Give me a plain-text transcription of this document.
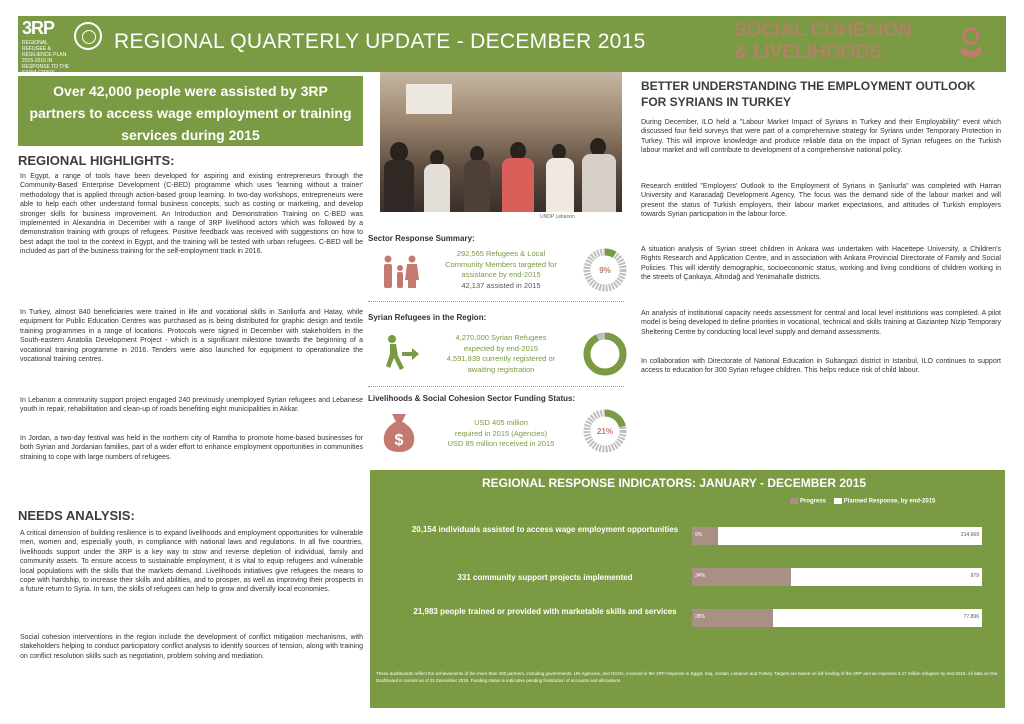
3RP
REGIONAL REFUGEE & RESILIENCE PLAN 2015-2016 IN RESPONSE TO THE SYRIA CRISIS
REGIONAL QUARTERLY UPDATE - DECEMBER 2015	SOCIAL COHESION
& LIVELIHOODS
Over 42,000 people were assisted by 3RP partners to access wage employment or training services during 2015
REGIONAL HIGHLIGHTS:

In Egypt, a range of tools have been developed for aspiring and existing entrepreneurs through the Community-Based Enterprise Development (C-BED) programme which uses 'learning without a trainer' methodology that is applied through action-based group learning. In two-day workshops, entrepreneurs were able to help each other understand formal business concepts, such as costing or marketing, and develop stronger skills for business improvement. An Introduction and Demonstration Training on C-BED was implemented in Alexandria in December with a range of 3RP livelihood actors which was followed by a demonstration training with groups of refugees. Positive feedback was received with suggestions on how to best adapt the tool to the context in Egypt, and the training will be tested with urban refugees. C-BED will be included as part of the business training for the self-employment track in 2016.

In Turkey, almost 840 beneficiaries were trained in life and vocational skills in Sanliurfa and Hatay, while equipment for Public Education Centres was purchased as is being distributed for graphic design and textile training programmes in a range of locations. Protocols were signed in December with stakeholders in the South-eastern Anatolia Development Project - which is a significant milestone towards the beginning of a vocational training programme in 2016. Tenders were also launched for equipment to operationalize the vocational training centres.

In Lebanon a community support project engaged 240 previously unemployed Syrian refugees and Lebanese youth in repair, rehabilitation and clean-up of roads benefiting eight municipalities in Akkar.

In Jordan, a two-day festival was held in the northern city of Ramtha to promote home-based businesses for both Syrian and Jordanian families, part of a wider effort to enhance employment opportunities in communities straining to cope with large numbers of refugees.

NEEDS ANALYSIS:

A critical dimension of building resilience is to expand livelihoods and employment opportunities for vulnerable men, women and, especially youth, in compliance with national laws and regulations. In all five countries, livelihoods support under the 3RP is a key way to stow and reverse depletion of individual, family and community assets. To ensure access to sustainable employment, it is vital to equip refugees and vulnerable local populations with the skills that the markets demand. Livelihoods initiatives give refugees the means to cope with hardship, to increase their skills and abilities, and to prosper, as well as improving their prospects in a future return to Syria. In turn, the skills of refugees can help to grow and diversify local economies.

Social cohesion interventions in the region include the development of conflict mitigation mechanisms, with stakeholders helping to conduct participatory conflict analysis to identify sources of tension, along with training on conflict resolution skills such as negotiation, problem solving and mediation.

UNDP Lebanon
Sector Response Summary:
292,565 Refugees & Local
Community Members targeted for
assistance by end-2015
42,137 assisted in 2015
9%
Syrian Refugees in the Region:
4,270,000 Syrian Refugees
expected by end-2015
4,591,839 currently registered or
awaiting registration
93%
Livelihoods & Social Cohesion Sector Funding Status:
$
USD 405 million
required in 2015 (Agencies)
USD 85 million received in 2015
21%
BETTER UNDERSTANDING THE EMPLOYMENT OUTLOOK FOR SYRIANS IN TURKEY

During December, ILO held a "Labour Market Impact of Syrians in Turkey and their Employability" event which discussed four field surveys that were part of a comprehensive strategy for Syrians under Temporary Protection in Turkey. This will improve knowledge and produce reliable data on the impact of Syrian refugees on the Turkish labour market and will contribute to development of a comprehensive national policy.

Research entitled "Employers' Outlook to the Employment of Syrians in Şanlıurfa" was completed with Harran University and Karacadağ Development Agency. The focus was the demand side of the labour market and will present the status of Turkish employers, their labour market expectations, and attitudes of Turkish employers towards Syrian participation in the labour force.

A situation analysis of Syrian street children in Ankara was undertaken with Hacettepe University, a Children's Rights Research and Application Centre, and in association with Ankara Provincial Directorate of Family and Social Policies. This will identify demographic, socioeconomic status, working and living conditions of children working in the streets of Çankaya, Altındağ and Yenimahalle districts.

An analysis of institutional capacity needs assessment for central and local level institutions was completed. A pilot model is being developed to define priorities in vocational, technical and skills training at Gaziantep Nizip Temporary Sheltering Centre by conducting local level supply and demand assessments.

In collaboration with Directorate of National Education in Sultangazi district in Istanbul, ILO continues to support access to education for 300 Syrian refugee children. This helps reduce risk of child labour.

REGIONAL RESPONSE INDICATORS: JANUARY - DECEMBER 2015
Progress	Planned Response, by end-2015
20,154 individuals assisted to access wage employment opportunities
9%	214,669
331 community support projects implemented	34%	979
21,983 people trained or provided with marketable skills and services
28%	77,896
These dashboards reflect the achievements of the more than 200 partners, including governments, UN Agencies, and NGOs, involved in the 3RP response in Egypt, Iraq, Jordan, Lebanon and Turkey. Targets are based on full funding of the 3RP and an expected 4.27 million refugees by end-2015. All data on this Dashboard is current as of 31 December 2015. Funding status is indicative pending finalization of accounts and allocations.
